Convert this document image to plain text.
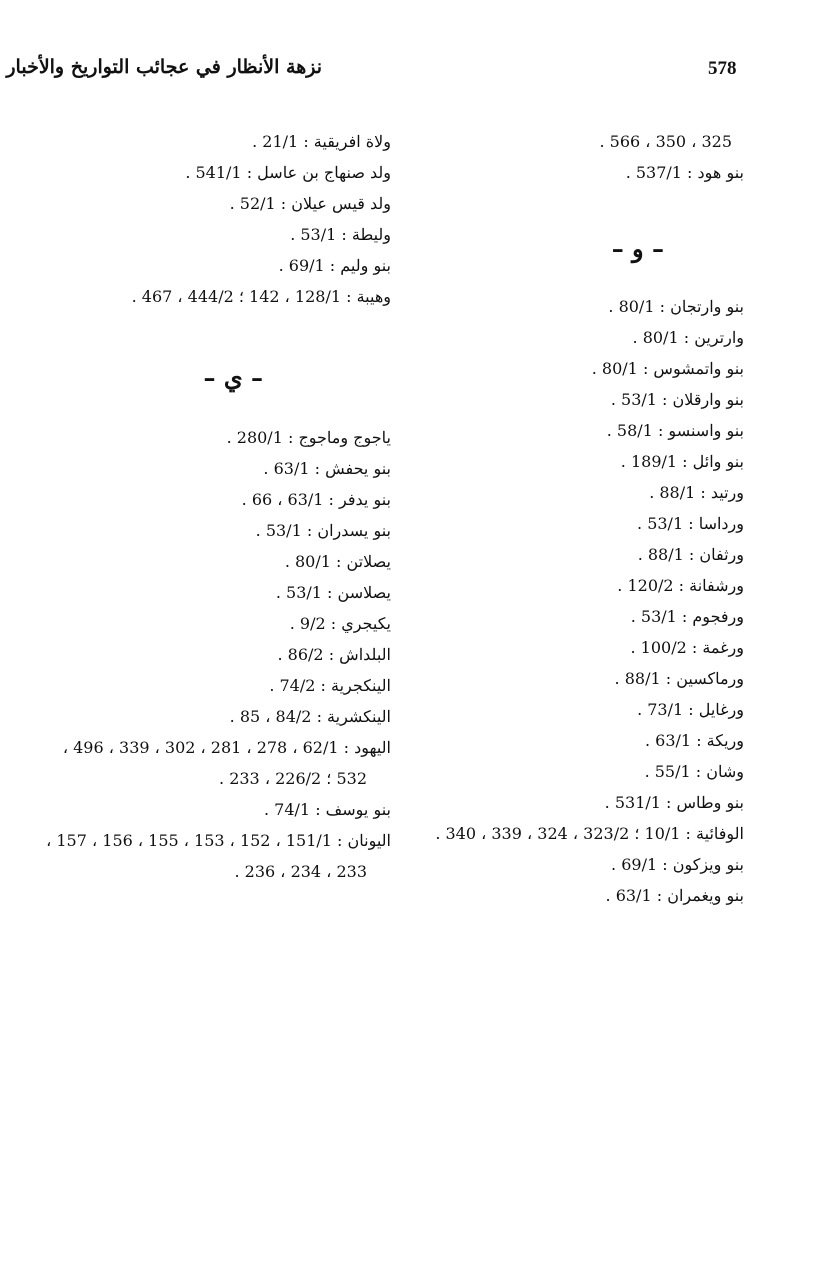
578
نزهة الأنظار في عجائب التواريخ والأخبار
325 ، 350 ، 566 .
بنو هود : 537/1 .
– و –
بنو وارتجان : 80/1 .
وارترين : 80/1 .
بنو واتمشوس : 80/1 .
بنو وارقلان : 53/1 .
بنو واسنسو : 58/1 .
بنو وائل : 189/1 .
ورتيد : 88/1 .
ورداسا : 53/1 .
ورثفان : 88/1 .
ورشفانة : 120/2 .
ورفجوم : 53/1 .
ورغمة : 100/2 .
ورماكسين : 88/1 .
ورغايل : 73/1 .
وريكة : 63/1 .
وشان : 55/1 .
بنو وطاس : 531/1 .
الوفائية : 10/1 ؛ 323/2 ، 324 ، 339 ، 340 .
بنو ويزكون : 69/1 .
بنو ويغمران : 63/1 .
ولاة افريقية : 21/1 .
ولد صنهاج بن عاسل : 541/1 .
ولد قيس عيلان : 52/1 .
وليطة : 53/1 .
بنو وليم : 69/1 .
وهيبة : 128/1 ، 142 ؛ 444/2 ، 467 .
– ي –
ياجوج وماجوج : 280/1 .
بنو يحفش : 63/1 .
بنو يدفر : 63/1 ، 66 .
بنو يسدران : 53/1 .
يصلاتن : 80/1 .
يصلاسن : 53/1 .
يكيجري : 9/2 .
البلداش : 86/2 .
الينكجرية : 74/2 .
الينكشرية : 84/2 ، 85 .
اليهود : 62/1 ، 278 ، 281 ، 302 ، 339 ، 496 ،
532 ؛ 226/2 ، 233 .
بنو يوسف : 74/1 .
اليونان : 151/1 ، 152 ، 153 ، 155 ، 156 ، 157 ،
233 ، 234 ، 236 .
